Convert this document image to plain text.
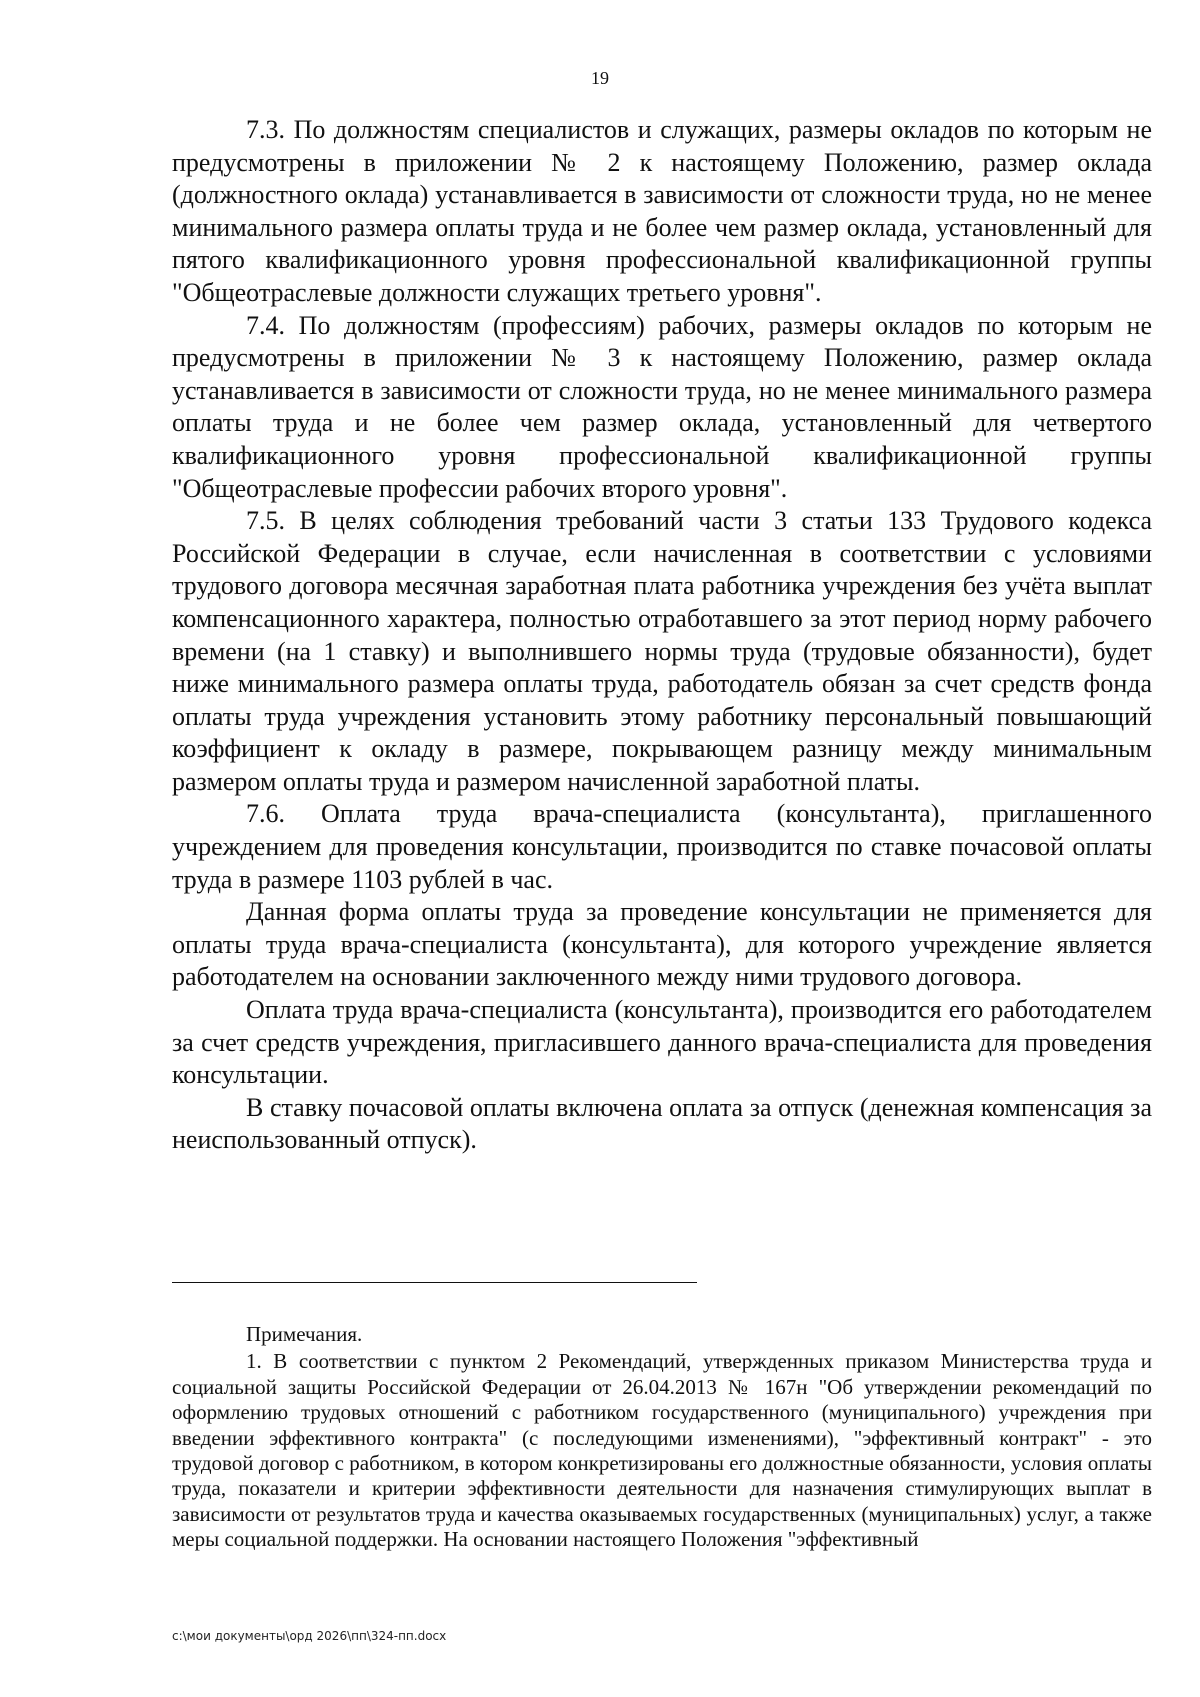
19

7.3. По должностям специалистов и служащих, размеры окладов по которым не предусмотрены в приложении № 2 к настоящему Положению, размер оклада (должностного оклада) устанавливается в зависимости от сложности труда, но не менее минимального размера оплаты труда и не более чем размер оклада, установленный для пятого квалификационного уровня профессиональной квалификационной группы "Общеотраслевые должности служащих третьего уровня".

7.4. По должностям (профессиям) рабочих, размеры окладов по которым не предусмотрены в приложении № 3 к настоящему Положению, размер оклада устанавливается в зависимости от сложности труда, но не менее минимального размера оплаты труда и не более чем размер оклада, установленный для четвертого квалификационного уровня профессиональной квалификационной группы "Общеотраслевые профессии рабочих второго уровня".

7.5. В целях соблюдения требований части 3 статьи 133 Трудового кодекса Российской Федерации в случае, если начисленная в соответствии с условиями трудового договора месячная заработная плата работника учреждения без учёта выплат компенсационного характера, полностью отработавшего за этот период норму рабочего времени (на 1 ставку) и выполнившего нормы труда (трудовые обязанности), будет ниже минимального размера оплаты труда, работодатель обязан за счет средств фонда оплаты труда учреждения установить этому работнику персональный повышающий коэффициент к окладу в размере, покрывающем разницу между минимальным размером оплаты труда и размером начисленной заработной платы.

7.6. Оплата труда врача-специалиста (консультанта), приглашенного учреждением для проведения консультации, производится по ставке почасовой оплаты труда в размере 1103 рублей в час.

Данная форма оплаты труда за проведение консультации не применяется для оплаты труда врача-специалиста (консультанта), для которого учреждение является работодателем на основании заключенного между ними трудового договора.

Оплата труда врача-специалиста (консультанта), производится его работодателем за счет средств учреждения, пригласившего данного врача-специалиста для проведения консультации.

В ставку почасовой оплаты включена оплата за отпуск (денежная компенсация за неиспользованный отпуск).

Примечания.

1. В соответствии с пунктом 2 Рекомендаций, утвержденных приказом Министерства труда и социальной защиты Российской Федерации от 26.04.2013 № 167н "Об утверждении рекомендаций по оформлению трудовых отношений с работником государственного (муниципального) учреждения при введении эффективного контракта" (с последующими изменениями), "эффективный контракт" - это трудовой договор с работником, в котором конкретизированы его должностные обязанности, условия оплаты труда, показатели и критерии эффективности деятельности для назначения стимулирующих выплат в зависимости от результатов труда и качества оказываемых государственных (муниципальных) услуг, а также меры социальной поддержки. На основании настоящего Положения "эффективный

c:\мои документы\орд 2026\пп\324-пп.docx
